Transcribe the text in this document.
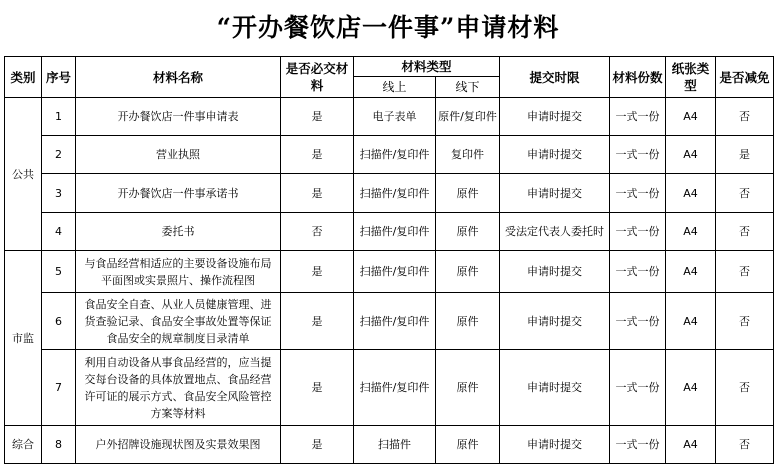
“开办餐饮店一件事”申请材料
类别	序号	材料名称	是否必交材料	材料类型		提交时限	材料份数	纸张类型	是否减免
				线上	线下				
公共	1	开办餐饮店一件事申请表	是	电子表单	原件/复印件	申请时提交	一式一份	A4	否
	2	营业执照	是	扫描件/复印件	复印件	申请时提交	一式一份	A4	是
	3	开办餐饮店一件事承诺书	是	扫描件/复印件	原件	申请时提交	一式一份	A4	否
	4	委托书	否	扫描件/复印件	原件	受法定代表人委托时	一式一份	A4	否
市监	5	与食品经营相适应的主要设备设施布局平面图或实景照片、操作流程图	是	扫描件/复印件	原件	申请时提交	一式一份	A4	否
	6	食品安全自查、从业人员健康管理、进货查验记录、食品安全事故处置等保证食品安全的规章制度目录清单	是	扫描件/复印件	原件	申请时提交	一式一份	A4	否
	7	利用自动设备从事食品经营的，应当提交每台设备的具体放置地点、食品经营许可证的展示方式、食品安全风险管控方案等材料	是	扫描件/复印件	原件	申请时提交	一式一份	A4	否
综合	8	户外招牌设施现状图及实景效果图	是	扫描件	原件	申请时提交	一式一份	A4	否
